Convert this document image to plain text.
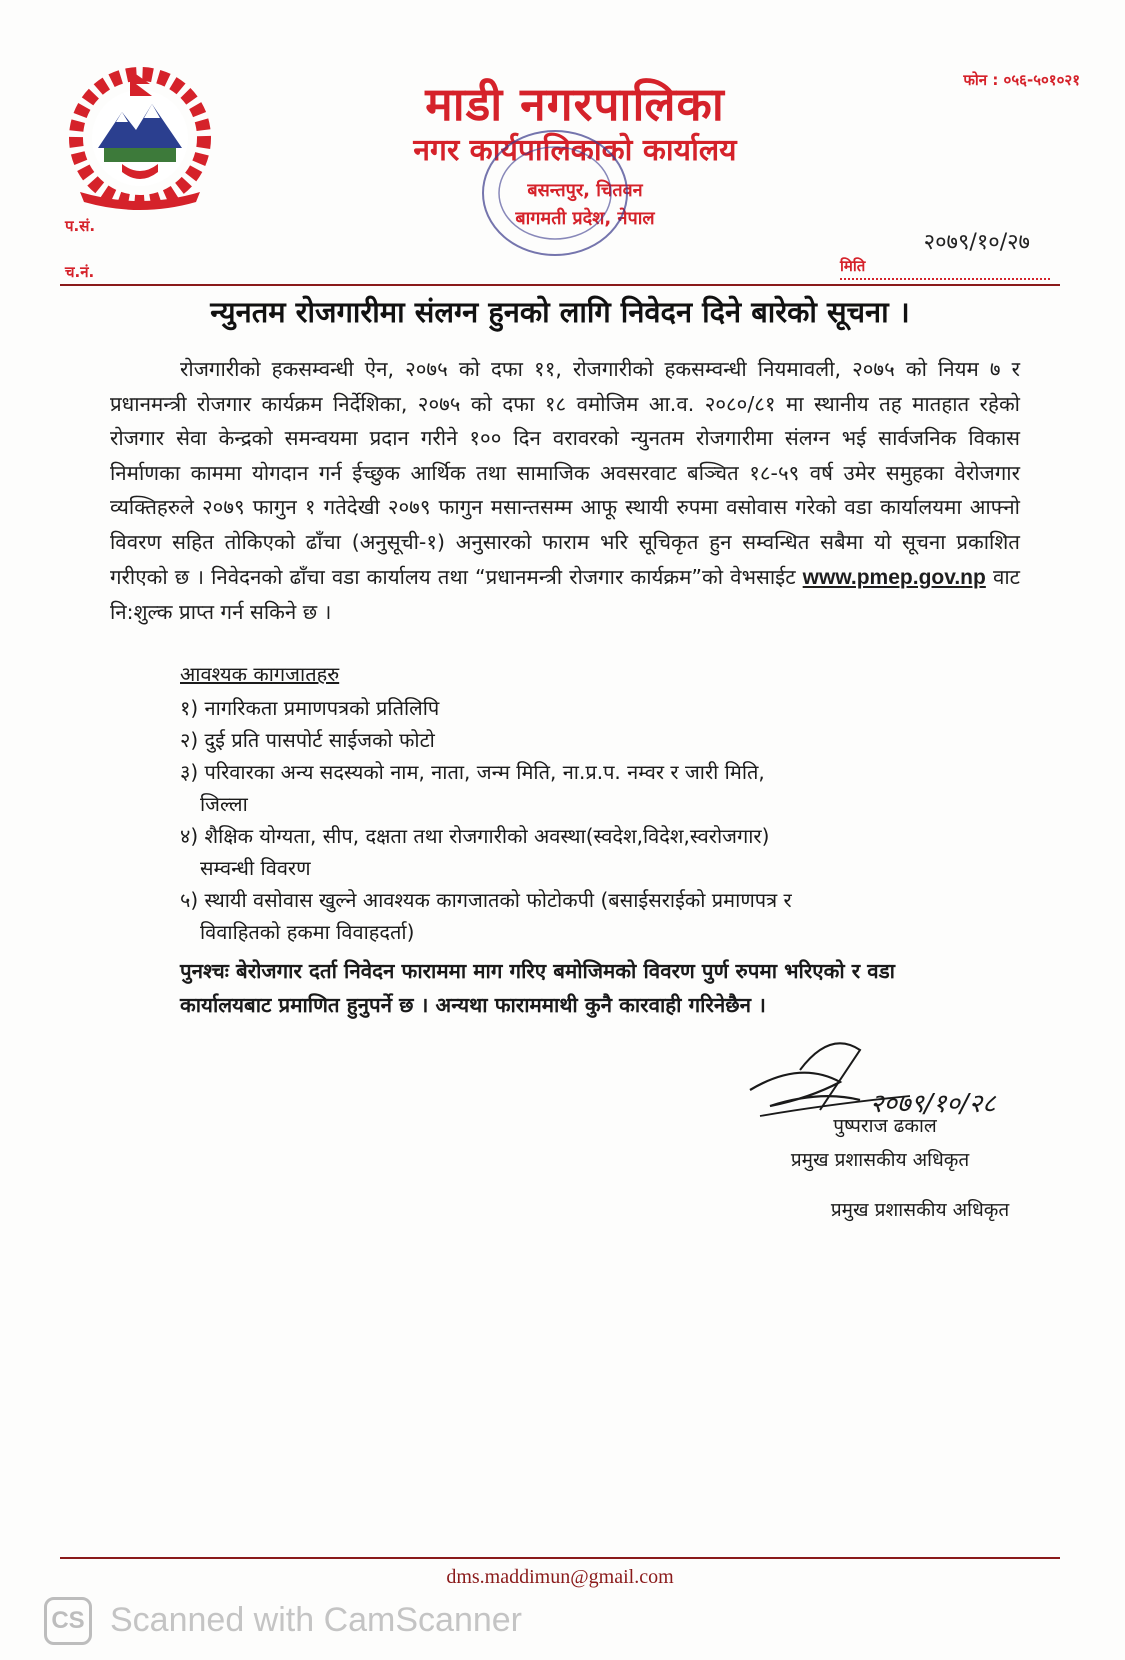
माडी नगरपालिका
नगर कार्यपालिकाको कार्यालय
बसन्तपुर, चितवन
बागमती प्रदेश, नेपाल
फोन : ०५६-५०१०२१
प.सं.
च.नं.
२०७९/१०/२७
मिति
न्युनतम रोजगारीमा संलग्न हुनको लागि निवेदन दिने बारेको सूचना ।
रोजगारीको हकसम्वन्धी ऐन, २०७५ को दफा ११, रोजगारीको हकसम्वन्धी नियमावली, २०७५ को नियम ७ र प्रधानमन्त्री रोजगार कार्यक्रम निर्देशिका, २०७५ को दफा १८ वमोजिम आ.व. २०८०/८१ मा स्थानीय तह मातहात रहेको रोजगार सेवा केन्द्रको समन्वयमा प्रदान गरीने १०० दिन वरावरको न्युनतम रोजगारीमा संलग्न भई सार्वजनिक विकास निर्माणका काममा योगदान गर्न ईच्छुक आर्थिक तथा सामाजिक अवसरवाट बञ्चित १८-५९ वर्ष उमेर समुहका वेरोजगार व्यक्तिहरुले २०७९ फागुन १ गतेदेखी २०७९ फागुन मसान्तसम्म आफू स्थायी रुपमा वसोवास गरेको वडा कार्यालयमा आफ्नो विवरण सहित तोकिएको ढाँचा (अनुसूची-१) अनुसारको फाराम भरि सूचिकृत हुन सम्वन्धित सबैमा यो सूचना प्रकाशित गरीएको छ । निवेदनको ढाँचा वडा कार्यालय तथा “प्रधानमन्त्री रोजगार कार्यक्रम”को वेभसाईट www.pmep.gov.np वाट नि:शुल्क प्राप्त गर्न सकिने छ ।
आवश्यक कागजातहरु
१) नागरिकता प्रमाणपत्रको प्रतिलिपि
२) दुई प्रति पासपोर्ट साईजको फोटो
३) परिवारका अन्य सदस्यको नाम, नाता, जन्म मिति, ना.प्र.प. नम्वर र जारी मिति,
जिल्ला
४) शैक्षिक योग्यता, सीप, दक्षता तथा रोजगारीको अवस्था(स्वदेश,विदेश,स्वरोजगार)
सम्वन्धी विवरण
५) स्थायी वसोवास खुल्ने आवश्यक कागजातको फोटोकपी (बसाईसराईको प्रमाणपत्र र
विवाहितको हकमा विवाहदर्ता)
पुनश्चः बेरोजगार दर्ता निवेदन फाराममा माग गरिए बमोजिमको विवरण पुर्ण रुपमा भरिएको र वडा कार्यालयबाट प्रमाणित हुनुपर्ने छ । अन्यथा फाराममाथी कुनै कारवाही गरिनेछैन ।
२०७९/१०/२८
पुष्पराज ढकाल
प्रमुख प्रशासकीय अधिकृत
प्रमुख प्रशासकीय अधिकृत
dms.maddimun@gmail.com
CS Scanned with CamScanner
